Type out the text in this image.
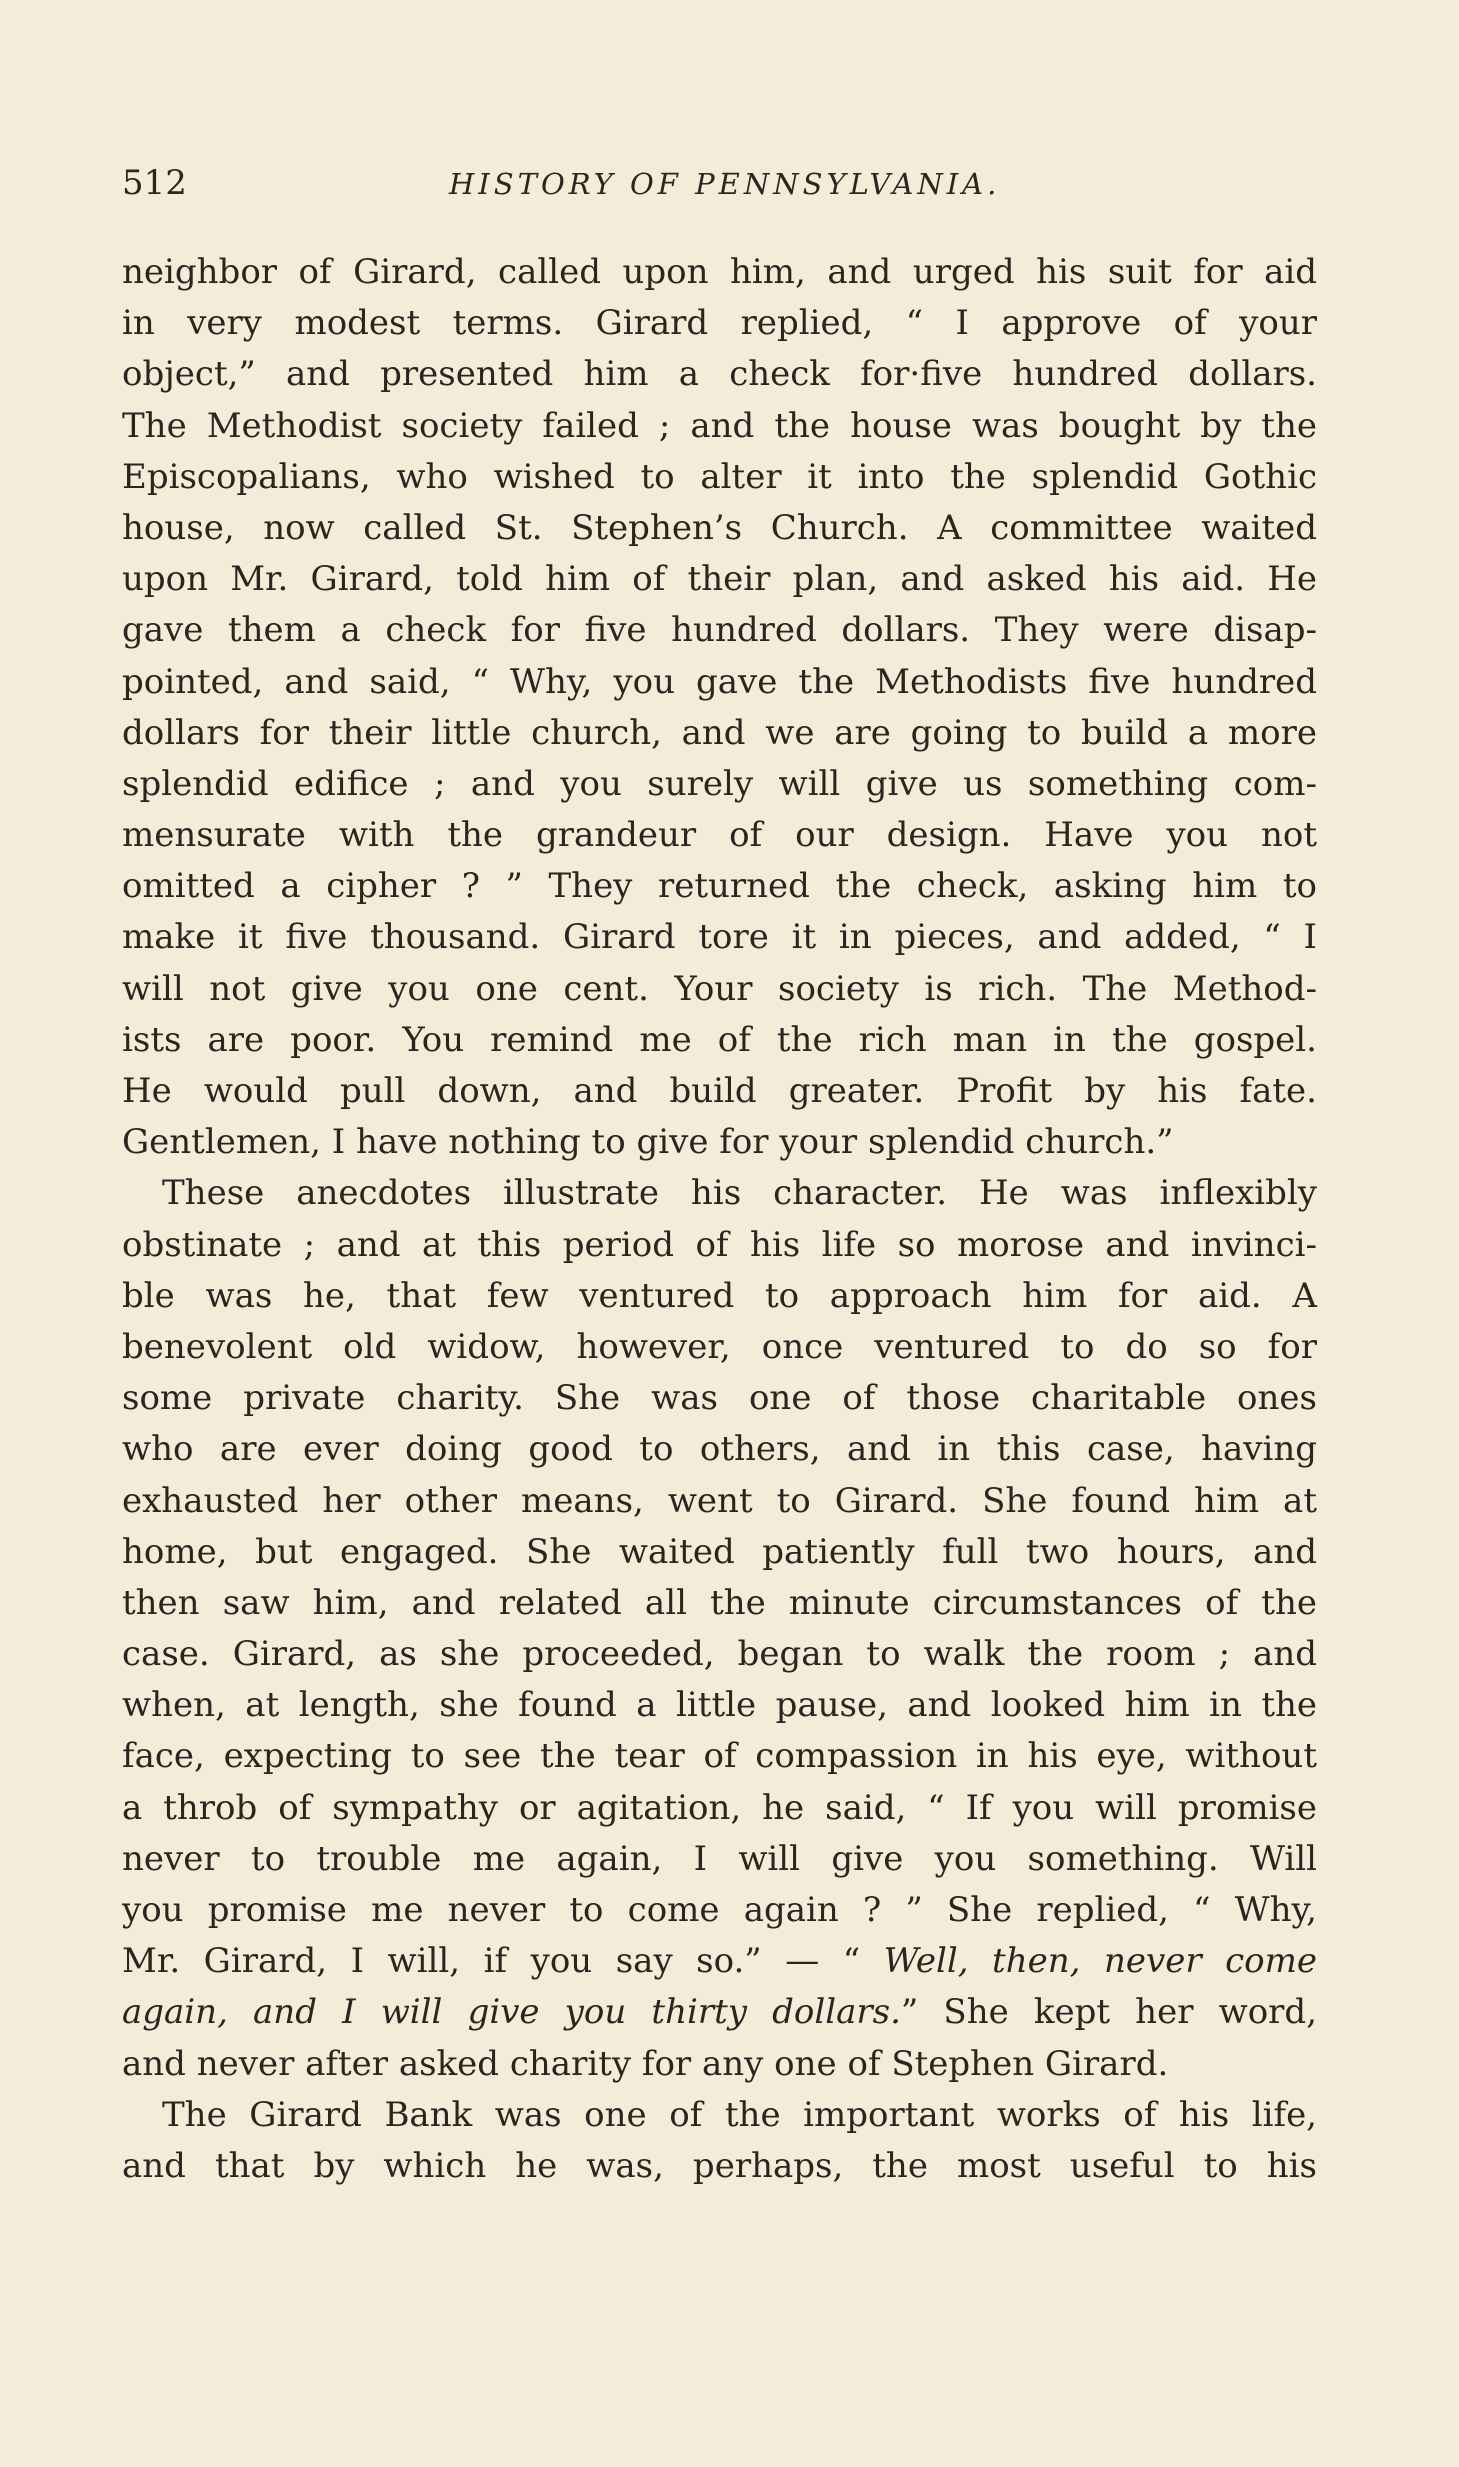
512	HISTORY OF PENNSYLVANIA.
neighbor of Girard, called upon him, and urged his suit for aid
in very modest terms. Girard replied, “ I approve of your
object,” and presented him a check for·five hundred dollars.
The Methodist society failed ; and the house was bought by the
Episcopalians, who wished to alter it into the splendid Gothic
house, now called St. Stephen’s Church. A committee waited
upon Mr. Girard, told him of their plan, and asked his aid. He
gave them a check for five hundred dollars. They were disap-
pointed, and said, “ Why, you gave the Methodists five hundred
dollars for their little church, and we are going to build a more
splendid edifice ; and you surely will give us something com-
mensurate with the grandeur of our design. Have you not
omitted a cipher ? ” They returned the check, asking him to
make it five thousand. Girard tore it in pieces, and added, “ I
will not give you one cent. Your society is rich. The Method-
ists are poor. You remind me of the rich man in the gospel.
He would pull down, and build greater. Profit by his fate.
Gentlemen, I have nothing to give for your splendid church.”
These anecdotes illustrate his character. He was inflexibly
obstinate ; and at this period of his life so morose and invinci-
ble was he, that few ventured to approach him for aid. A
benevolent old widow, however, once ventured to do so for
some private charity. She was one of those charitable ones
who are ever doing good to others, and in this case, having
exhausted her other means, went to Girard. She found him at
home, but engaged. She waited patiently full two hours, and
then saw him, and related all the minute circumstances of the
case. Girard, as she proceeded, began to walk the room ; and
when, at length, she found a little pause, and looked him in the
face, expecting to see the tear of compassion in his eye, without
a throb of sympathy or agitation, he said, “ If you will promise
never to trouble me again, I will give you something. Will
you promise me never to come again ? ” She replied, “ Why,
Mr. Girard, I will, if you say so.” — “ Well, then, never come
again, and I will give you thirty dollars.” She kept her word,
and never after asked charity for any one of Stephen Girard.
The Girard Bank was one of the important works of his life,
and that by which he was, perhaps, the most useful to his
